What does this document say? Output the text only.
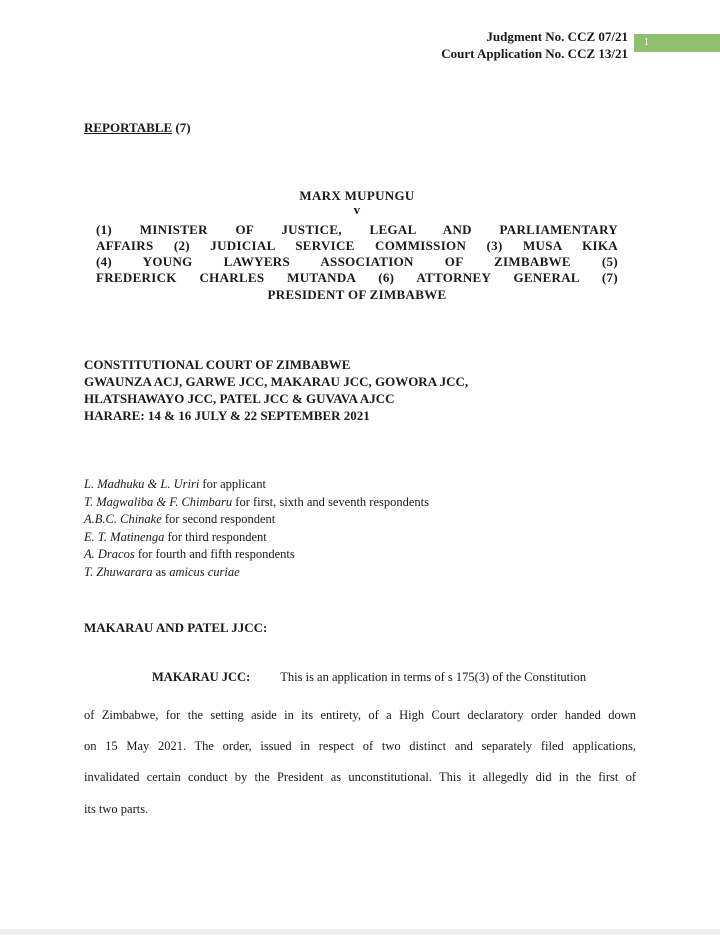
Judgment No. CCZ 07/21
Court Application No. CCZ 13/21
1
REPORTABLE (7)
MARX MUPUNGU
v
(1) MINISTER OF JUSTICE, LEGAL AND PARLIAMENTARY
AFFAIRS (2) JUDICIAL SERVICE COMMISSION (3) MUSA KIKA
(4) YOUNG LAWYERS ASSOCIATION OF ZIMBABWE (5)
FREDERICK CHARLES MUTANDA (6) ATTORNEY GENERAL (7)
PRESIDENT OF ZIMBABWE
CONSTITUTIONAL COURT OF ZIMBABWE
GWAUNZA ACJ, GARWE JCC, MAKARAU JCC, GOWORA JCC,
HLATSHAWAYO JCC, PATEL JCC & GUVAVA AJCC
HARARE: 14 & 16 JULY & 22 SEPTEMBER 2021
L. Madhuku & L. Uriri for applicant
T. Magwaliba & F. Chimbaru for first, sixth and seventh respondents
A.B.C. Chinake for second respondent
E. T. Matinenga for third respondent
A. Dracos for fourth and fifth respondents
T. Zhuwarara as amicus curiae
MAKARAU AND PATEL JJCC:
MAKARAU JCC: This is an application in terms of s 175(3) of the Constitution
of Zimbabwe, for the setting aside in its entirety, of a High Court declaratory order handed down
on 15 May 2021. The order, issued in respect of two distinct and separately filed applications,
invalidated certain conduct by the President as unconstitutional. This it allegedly did in the first of
its two parts.
